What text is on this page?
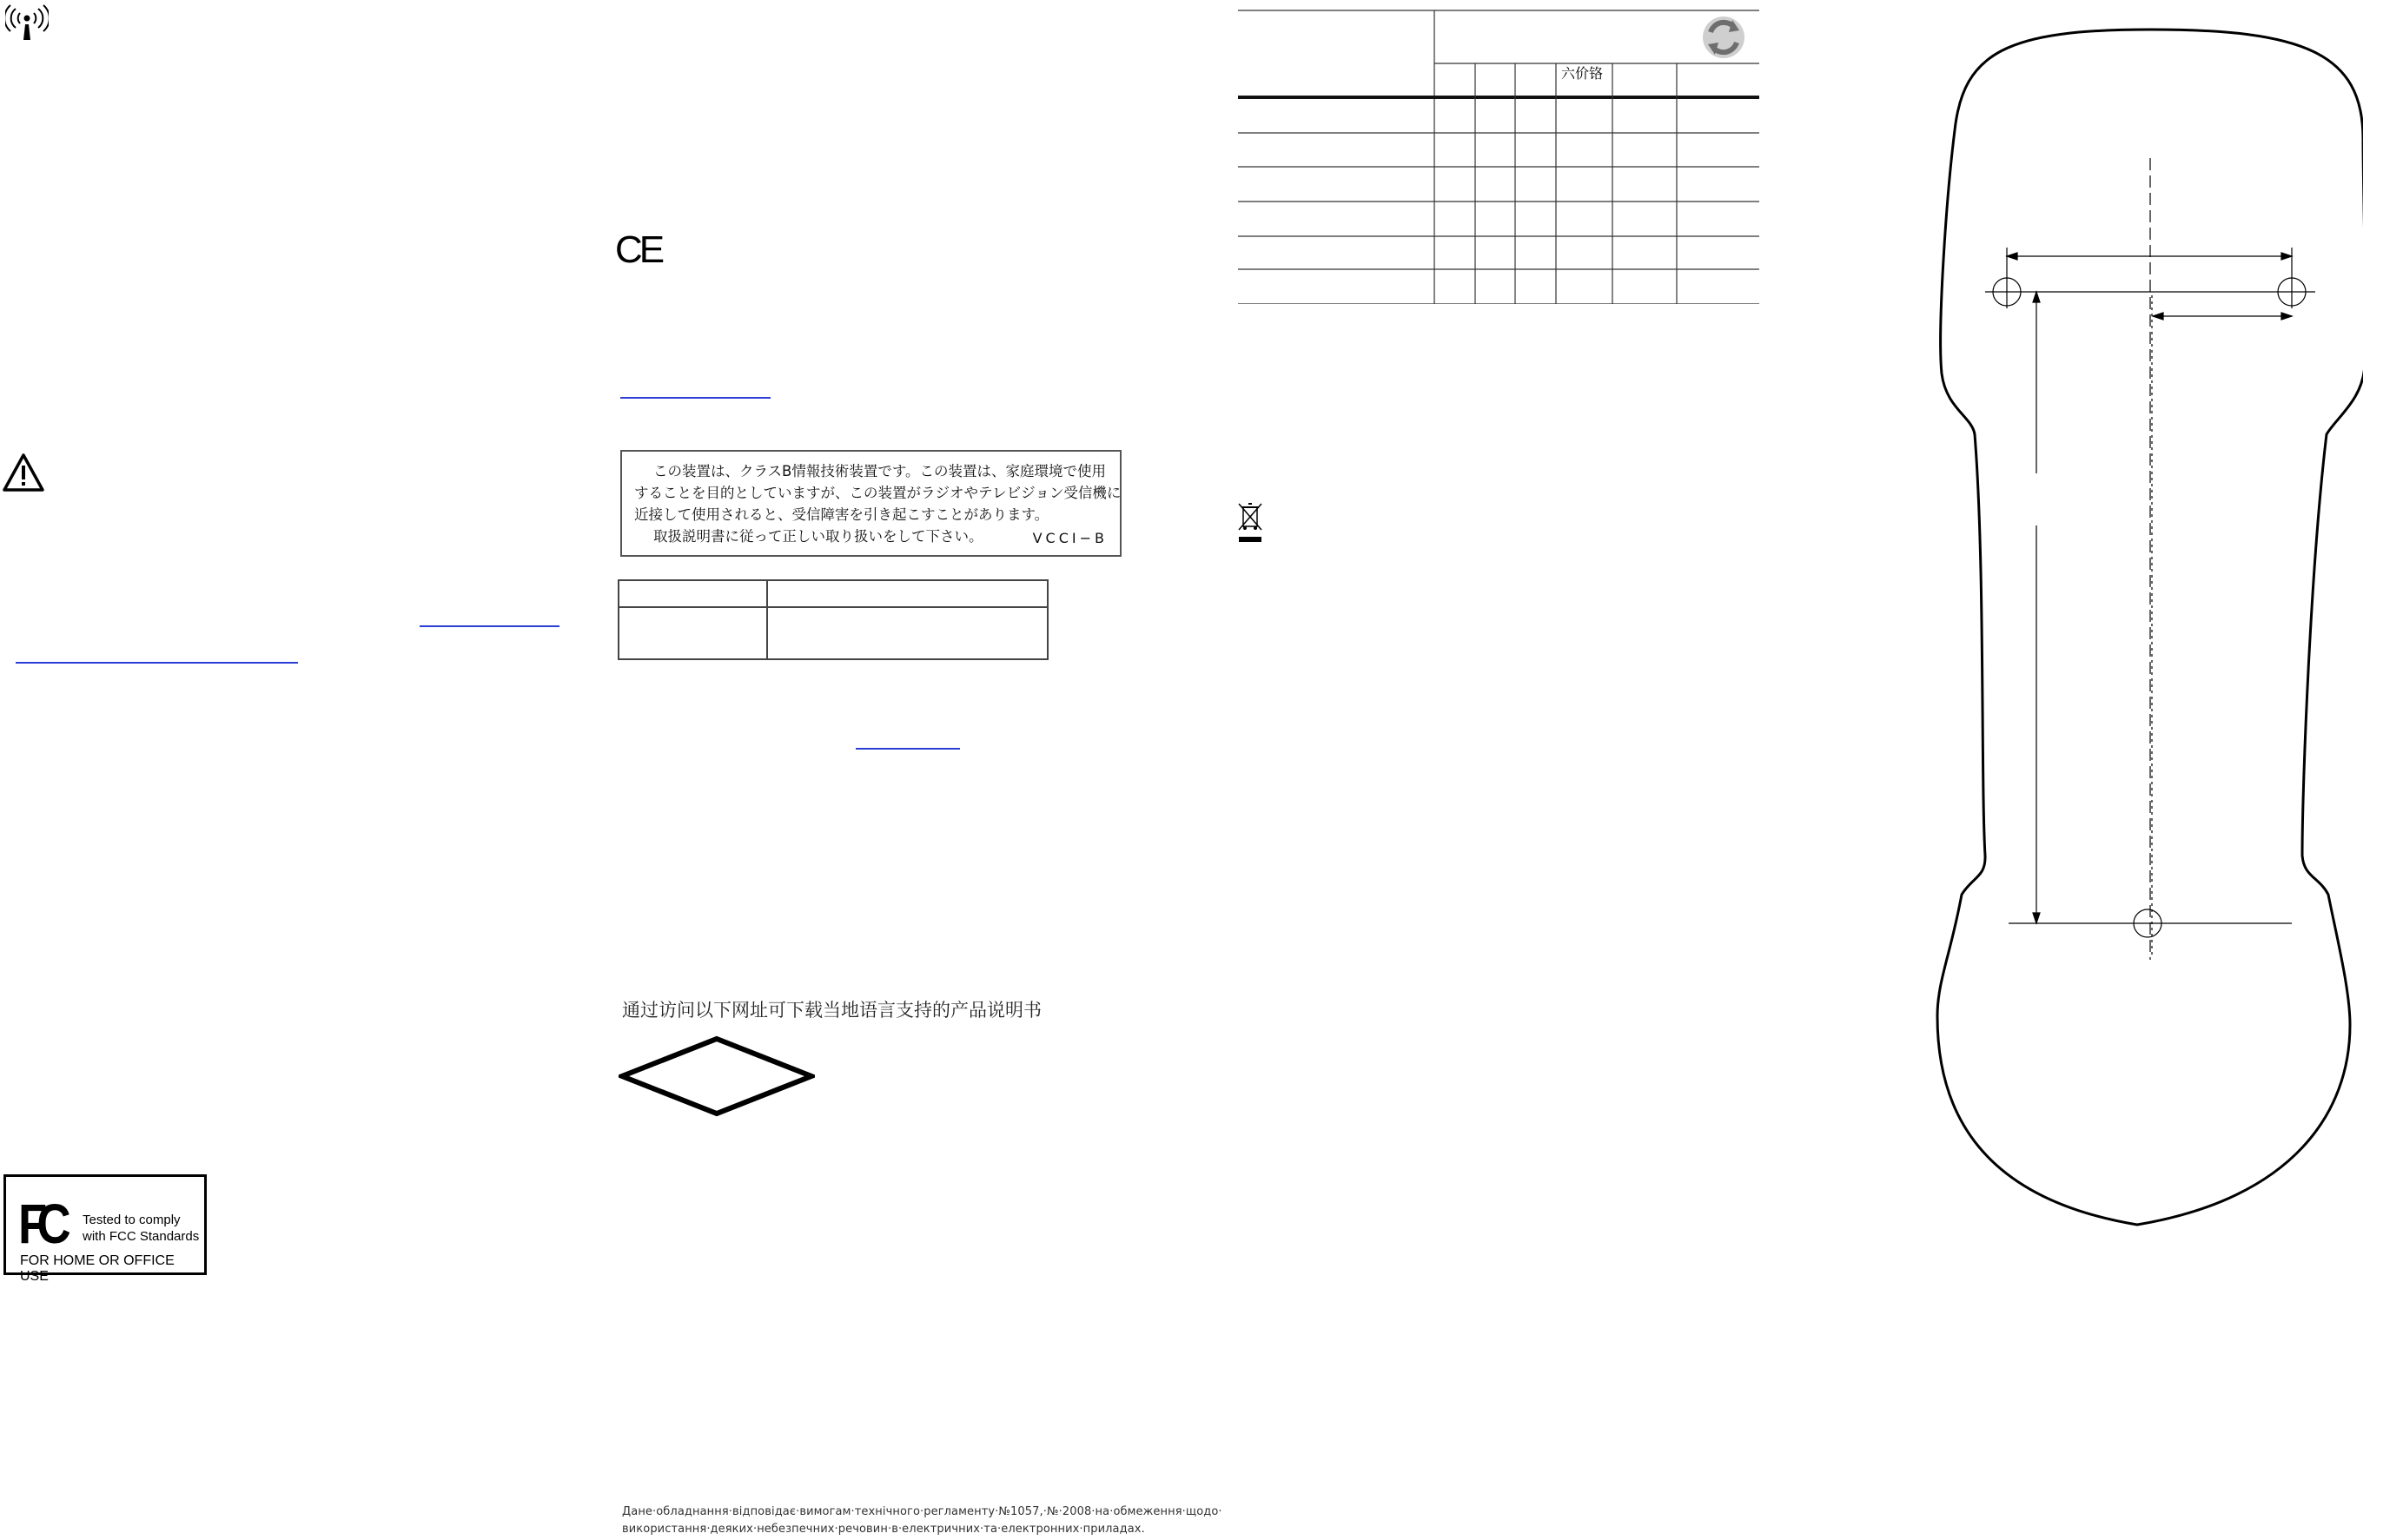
FC Tested to comply
with FCC Standards
FOR HOME OR OFFICE USE
CE
この装置は、クラスB情報技術装置です。この装置は、家庭環境で使用
することを目的としていますが、この装置がラジオやテレビジョン受信機に
近接して使用されると、受信障害を引き起こすことがあります。
取扱説明書に従って正しい取り扱いをして下さい。	VCCI−B
通过访问以下网址可下载当地语言支持的产品说明书
Дане·обладнання·відповідає·вимогам·технічного·регламенту·№1057,·№·2008·на·обмеження·щодо·
використання·деяких·небезпечних·речовин·в·електричних·та·електронних·приладах.
六价铬
